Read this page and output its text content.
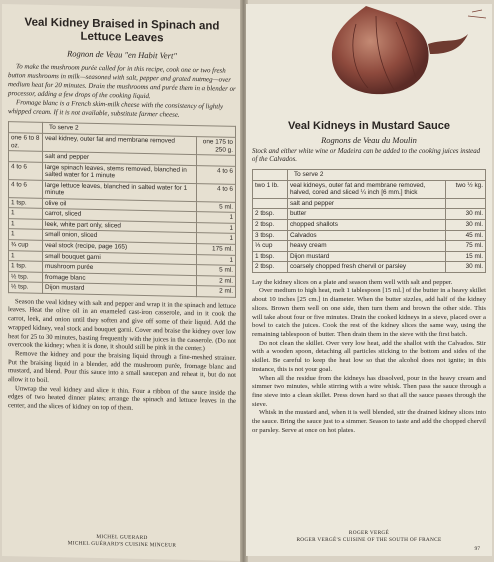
Veal Kidney Braised in Spinach and Lettuce Leaves
Rognon de Veau "en Habit Vert"

To make the mushroom purée called for in this recipe, cook one or two fresh button mushrooms in milk—seasoned with salt, pepper and grated nutmeg—over medium heat for 20 minutes. Drain the mushrooms and purée them in a blender or processor, adding a few drops of the cooking liquid.

Fromage blanc is a French skim-milk cheese with the consistency of lightly whipped cream. If it is not available, substitute farmer cheese.

	To serve 2	
one 6 to 8 oz.	veal kidney, outer fat and membrane removed	one 175 to 250 g.
	salt and pepper	
4 to 6	large spinach leaves, stems removed, blanched in salted water for 1 minute	4 to 6
4 to 6	large lettuce leaves, blanched in salted water for 1 minute	4 to 6
1 tsp.	olive oil	5 ml.
1	carrot, sliced	1
1	leek, white part only, sliced	1
1	small onion, sliced	1
¾ cup	veal stock (recipe, page 165)	175 ml.
1	small bouquet garni	1
1 tsp.	mushroom purée	5 ml.
½ tsp.	fromage blanc	2 ml.
½ tsp.	Dijon mustard	2 ml.

Season the veal kidney with salt and pepper and wrap it in the spinach and lettuce leaves. Heat the olive oil in an enameled cast-iron casserole, and in it cook the carrot, leek, and onion until they soften and give off some of their liquid. Add the wrapped kidney, veal stock and bouquet garni. Cover and braise the kidney over low heat for 25 to 30 minutes, basting frequently with the juices in the casserole. (Do not overcook the kidney; when it is done, it should still be pink in the center.)

Remove the kidney and pour the braising liquid through a fine-meshed strainer. Put the braising liquid in a blender, add the mushroom purée, fromage blanc and mustard, and blend. Pour this sauce into a small saucepan and reheat it, but do not allow it to boil.

Unwrap the veal kidney and slice it thin. Four a ribbon of the sauce inside the edges of two heated dinner plates; arrange the spinach and lettuce leaves in the center, and the slices of kidney on top of them.

MICHEL GUERARD
MICHEL GUÉRARD'S CUISINE MINCEUR
Veal Kidneys in Mustard Sauce
Rognons de Veau du Moulin

Stock and either white wine or Madeira can be added to the cooking juices instead of the Calvados.

	To serve 2	
two 1 lb.	veal kidneys, outer fat and membrane removed, halved, cored and sliced ¼ inch [6 mm.] thick	two ½ kg.
	salt and pepper	
2 tbsp.	butter	30 ml.
2 tbsp.	chopped shallots	30 ml.
3 tbsp.	Calvados	45 ml.
⅓ cup	heavy cream	75 ml.
1 tbsp.	Dijon mustard	15 ml.
2 tbsp.	coarsely chopped fresh chervil or parsley	30 ml.

Lay the kidney slices on a plate and season them well with salt and pepper.

Over medium to high heat, melt 1 tablespoon [15 ml.] of the butter in a heavy skillet about 10 inches [25 cm.] in diameter. When the butter sizzles, add half of the kidney slices. Brown them well on one side, then turn them and brown the other side. This will take about four or five minutes. Drain the cooked kidneys in a sieve, placed over a bowl to catch the juices. Cook the rest of the kidney slices the same way, using the remaining tablespoon of butter. Then drain them in the sieve with the first batch.

Do not clean the skillet. Over very low heat, add the shallot with the Calvados. Stir with a wooden spoon, detaching all particles sticking to the bottom and sides of the skillet. Be careful to keep the heat low so that the alcohol does not ignite; in this instance, this is not your goal.

When all the residue from the kidneys has dissolved, pour in the heavy cream and simmer two minutes, while stirring with a wire whisk. Then pass the sauce through a fine sieve into a clean skillet. Press down hard so that all the sauce passes through the sieve.

Whisk in the mustard and, when it is well blended, stir the drained kidney slices into the sauce. Bring the sauce just to a simmer. Season to taste and add the chopped chervil or parsley. Serve at once on hot plates.

ROGER VERGÉ
ROGER VERGÉ'S CUISINE OF THE SOUTH OF FRANCE
97
